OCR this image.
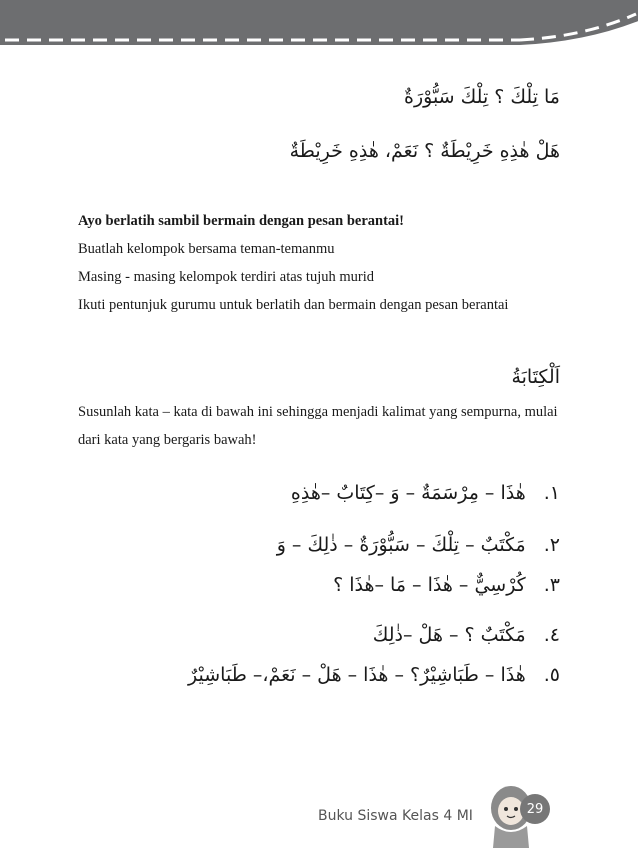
مَا تِلْكَ ؟ تِلْكَ سَبُّوْرَةٌ
هَلْ هٰذِهِ خَرِيْطَةٌ ؟ نَعَمْ، هٰذِهِ خَرِيْطَةٌ
Ayo berlatih sambil bermain dengan pesan berantai!
Buatlah kelompok bersama teman-temanmu
Masing - masing kelompok terdiri atas tujuh murid
Ikuti pentunjuk gurumu untuk berlatih dan bermain dengan pesan berantai
اَلْكِتَابَةُ
Susunlah kata – kata di bawah ini sehingga menjadi kalimat yang sempurna, mulai dari kata yang bergaris bawah!
١.هٰذَا – مِرْسَمَةٌ – وَ –كِتَابٌ –هٰذِهِ
٢.مَكْتَبٌ – تِلْكَ – سَبُّوْرَةٌ – ذٰلِكَ – وَ
٣.كُرْسِيٌّ – هٰذَا – مَا –هٰذَا ؟
٤.مَكْتَبٌ ؟ – هَلْ –ذٰلِكَ
٥.هٰذَا – طَبَاشِيْرٌ؟ – هٰذَا – هَلْ – نَعَمْ،– طَبَاشِيْرٌ
Buku Siswa Kelas 4 MI	29
